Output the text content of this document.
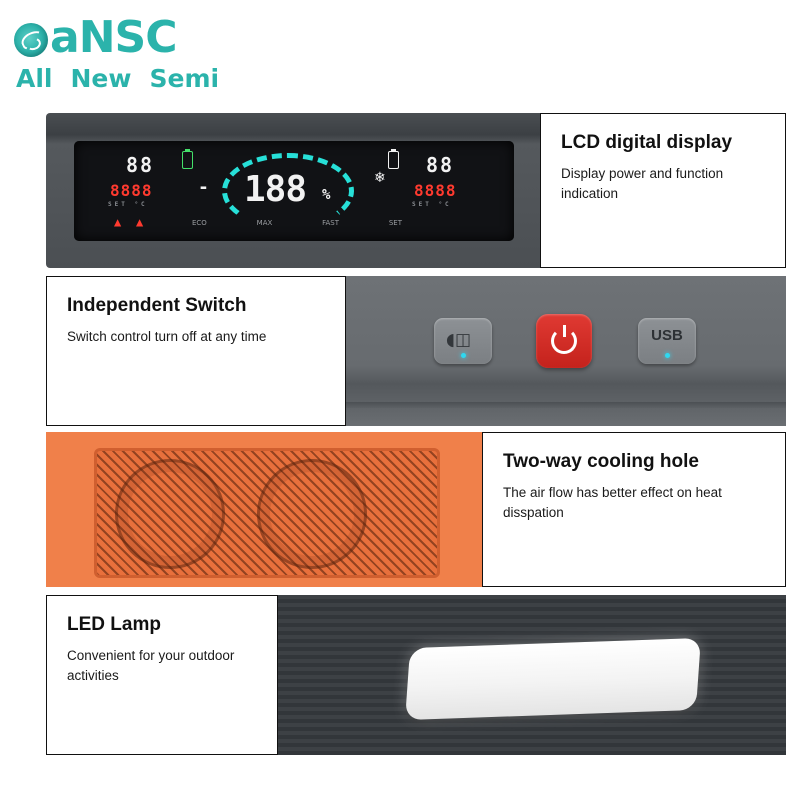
aNSC
All New Semi
88
8888
SET °C
▲ ▲
- 188 %
❄ 88
8888
SET °C
ECO	MAX	FAST	SET
LCD digital display

Display power and function indication

Independent Switch

Switch control turn off at any time	◖◫	USB
Two-way cooling hole

The air flow has better effect on heat disspation

LED Lamp

Convenient for your outdoor activities
